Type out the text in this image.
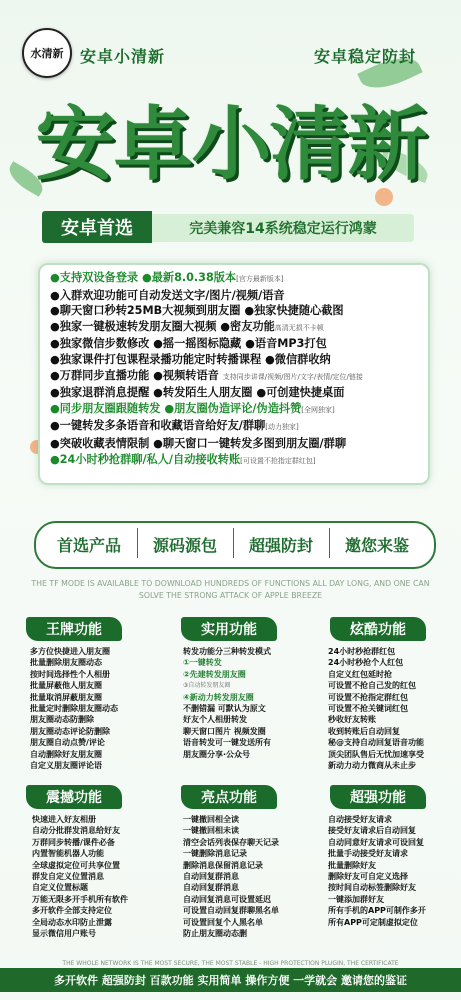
水清新 安卓小清新	安卓稳定防封
安卓小清新
安卓首选	完美兼容14系统稳定运行鸿蒙
●支持双设备登录 ●最新8.0.38版本[官方最新版本]
●入群欢迎功能可自动发送文字/图片/视频/语音
●聊天窗口秒转25MB大视频到朋友圈 ●独家快捷随心截图
●独家一键极速转发朋友圈大视频 ●密友功能高清无损不卡顿
●独家微信步数修改 ●摇一摇图标隐藏 ●语音MP3打包
●独家课件打包课程录播功能定时转播课程 ●微信群收纳
●万群同步直播功能 ●视频转语音 支持同步讲课/视频/图片/文字/表情/定位/链接
●独家退群消息提醒 ●转发陌生人朋友圈 ●可创建快捷桌面
●同步朋友圈跟随转发 ●朋友圈伪造评论/伪造抖赞[全网独家]
●一键转发多条语音和收藏语音给好友/群聊[动力独家]
●突破收藏表情限制 ●聊天窗口一键转发多图到朋友圈/群聊
●24小时秒抢群聊/私人/自动接收转账[可设置不抢指定群红包]
首选产品	源码源包	超强防封	邀您来鉴
THE TF MODE IS AVAILABLE TO DOWNLOAD HUNDREDS OF FUNCTIONS ALL DAY LONG, AND ONE CAN SOLVE THE STRONG ATTACK OF APPLE BREEZE
王牌功能	实用功能	炫酷功能
多方位快捷进入朋友圈
批量删除朋友圈动态
按时间选择性个人相册
批量屏蔽他人朋友圈
批量取消屏蔽朋友圈
批量定时删除朋友圈动态
朋友圈动态防删除
朋友圈动态评论防删除
朋友圈自动点赞/评论
自动删除好友朋友圈
自定义朋友圈评论语
转发功能分三种转发模式
①一键转发
②先建转发朋友圈
③自动转发朋友圈
④新动力转发朋友圈
不删错漏 可默认为原文
好友个人相册转发
聊天窗口图片 视频发圈
语音转发可一键发送所有
朋友圈分享·公众号
24小时秒抢群红包
24小时秒抢个人红包
自定义红包延时抢
可设置不抢自己发的红包
可设置不抢指定群红包
可设置不抢关键词红包
秒收好友转账
收到转账后自动回复
秘@支持自动回复语音功能
顶尖团队售后无忧加速享受
新动力动力微商从未止步
震撼功能	亮点功能	超强功能
快速进入好友相册
自动分批群发消息给好友
万群同步转播/课件必备
内置智能机器人功能
全球虚拟定位可共享位置
群发自定义位置消息
自定义位置标题
万能无限多开手机所有软件
多开软件全部支持定位
全局动态水印防止泄露
显示微信用户账号
一键撤回相全读
一键撤回相未读
清空会话列表保存聊天记录
一键删除消息记录
删除消息保留消息记录
自动回复群消息
自动回复群消息
自动回复消息可设置延迟
可设置自动回复群聊黑名单
可设置回复个人黑名单
防止朋友圈动态删
自动接受好友请求
接受好友请求后自动回复
自动同意好友请求可设回复
批量手动接受好友请求
批量删除好友
删除好友可自定义选择
按时间自动标签删除好友
一键添加群好友
所有手机的APP可制作多开
所有APP可定制虚拟定位
THE WHOLE NETWORK IS THE MOST SECURE, THE MOST STABLE - HIGH PROTECTION PLUGIN, THE CERTIFICATE
多开软件 超强防封 百款功能 实用简单 操作方便 一学就会 邀请您的鉴证
